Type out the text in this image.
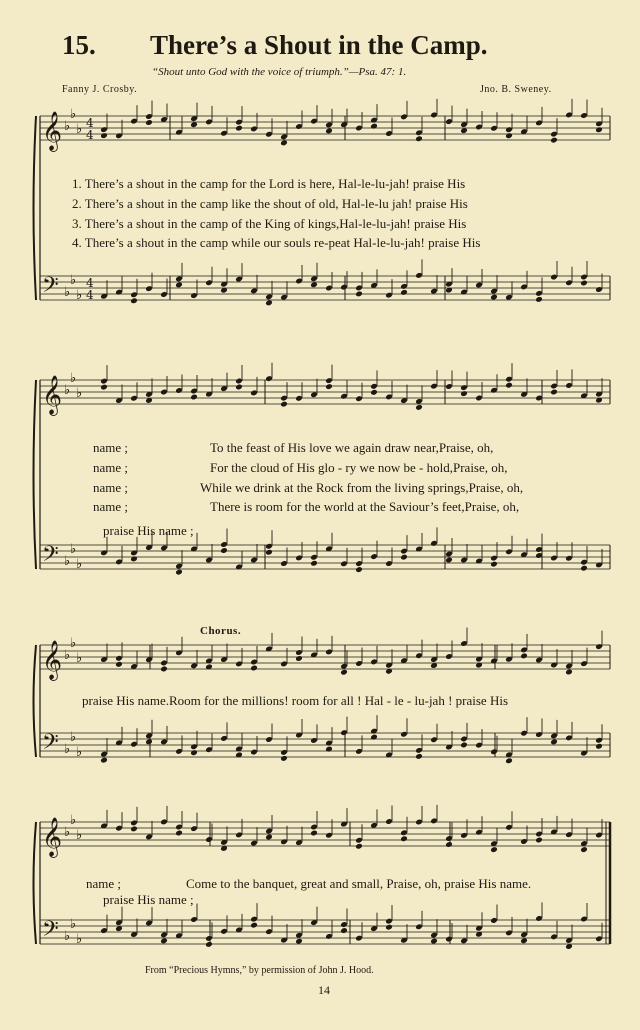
15. There’s a Shout in the Camp.
“Shout unto God with the voice of triumph.”—Psa. 47: 1.
Fanny J. Crosby.	Jno. B. Sweney.
𝄞
𝄢
♭
♭
♭
♭
♭
♭
4
4
4
4
𝄞
𝄢
♭
♭
♭
♭
♭
♭
𝄞
𝄢
♭
♭
♭
♭
♭
♭
𝄞
𝄢
♭
♭
♭
♭
♭
♭
1. There’s a shout in the camp for the Lord is here, Hal-le-lu-jah! praise His
2. There’s a shout in the camp like the shout of old, Hal-le-lu jah! praise His
3. There’s a shout in the camp of the King of kings,Hal-le-lu-jah! praise His
4. There’s a shout in the camp while our souls re-peat Hal-le-lu-jah! praise His
name ;	To the feast of His love we again draw near,Praise, oh,
name ;	For the cloud of His glo - ry we now be - hold,Praise, oh,
name ;	While we drink at the Rock from the living springs,Praise, oh,
name ;	There is room for the world at the Saviour’s feet,Praise, oh,
praise His name ;
Chorus.
praise His name.Room for the millions! room for all ! Hal - le - lu-jah ! praise His
name ;	Come to the banquet, great and small, Praise, oh, praise His name.
praise His name ;
From “Precious Hymns,” by permission of John J. Hood.
14
